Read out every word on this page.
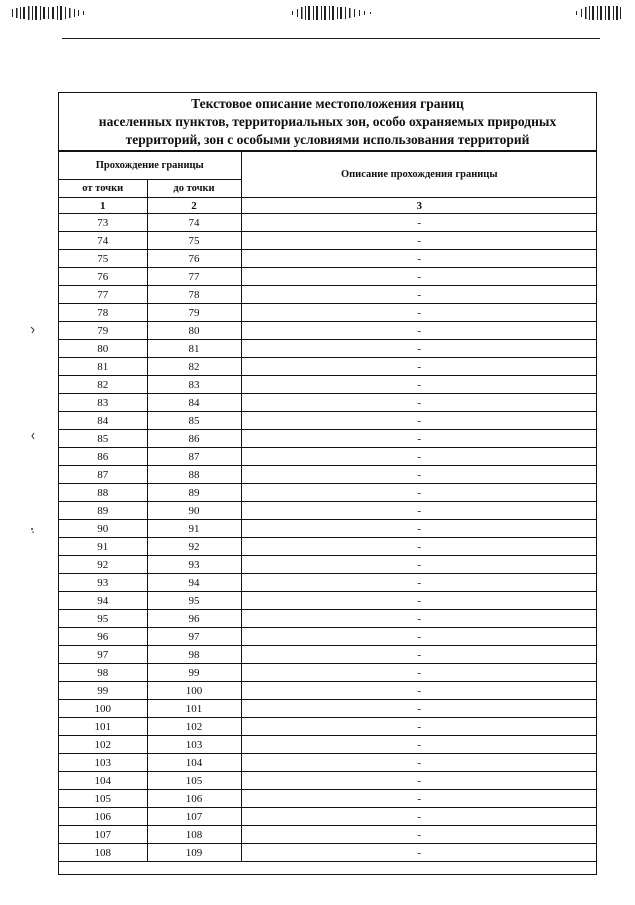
Текстовое описание местоположения границ
населенных пунктов, территориальных зон, особо охраняемых природных
территорий, зон с особыми условиями использования территорий
Прохождение границы		Описание прохождения границы
от точки	до точки	
1	2	3
73	74	-
74	75	-
75	76	-
76	77	-
77	78	-
78	79	-
79	80	-
80	81	-
81	82	-
82	83	-
83	84	-
84	85	-
85	86	-
86	87	-
87	88	-
88	89	-
89	90	-
90	91	-
91	92	-
92	93	-
93	94	-
94	95	-
95	96	-
96	97	-
97	98	-
98	99	-
99	100	-
100	101	-
101	102	-
102	103	-
103	104	-
104	105	-
105	106	-
106	107	-
107	108	-
108	109	-
